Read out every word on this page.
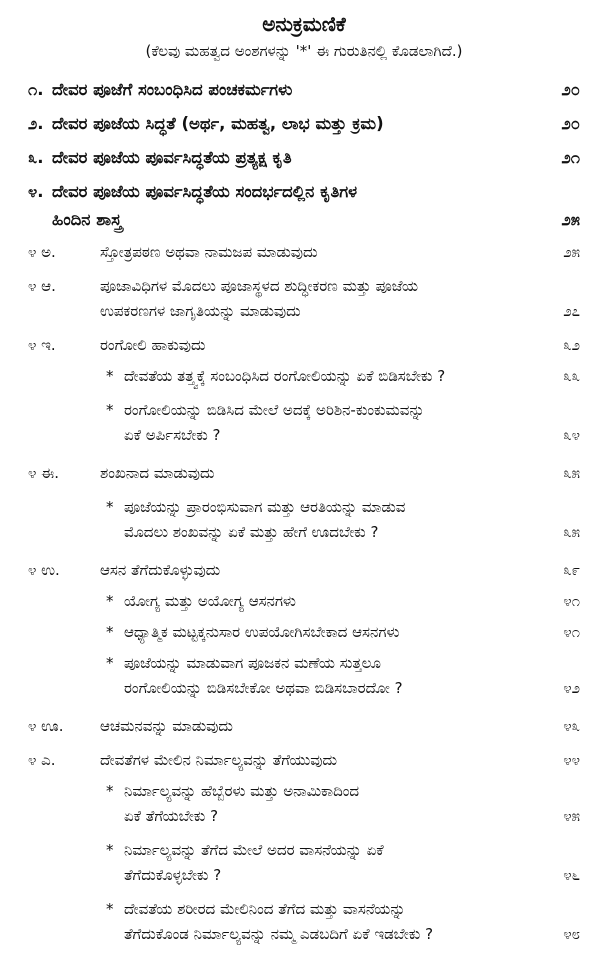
ಅನುಕ್ರಮಣಿಕೆ
(ಕೆಲವು ಮಹತ್ವದ ಅಂಶಗಳನ್ನು '*' ಈ ಗುರುತಿನಲ್ಲಿ ಕೊಡಲಾಗಿದೆ.)
೧. ದೇವರ ಪೂಜೆಗೆ ಸಂಬಂಧಿಸಿದ ಪಂಚಕರ್ಮಗಳು	೨೦
೨. ದೇವರ ಪೂಜೆಯ ಸಿದ್ಧತೆ (ಅರ್ಥ, ಮಹತ್ವ, ಲಾಭ ಮತ್ತು ಕ್ರಮ)	೨೦
೩. ದೇವರ ಪೂಜೆಯ ಪೂರ್ವಸಿದ್ಧತೆಯ ಪ್ರತ್ಯಕ್ಷ ಕೃತಿ	೨೧
೪. ದೇವರ ಪೂಜೆಯ ಪೂರ್ವಸಿದ್ಧತೆಯ ಸಂದರ್ಭದಲ್ಲಿನ ಕೃತಿಗಳ
ಹಿಂದಿನ ಶಾಸ್ತ್ರ	೨೫
೪ ಅ.	ಸ್ತೋತ್ರಪಠಣ ಅಥವಾ ನಾಮಜಪ ಮಾಡುವುದು	೨೫
೪ ಆ.	ಪೂಜಾವಿಧಿಗಳ ಮೊದಲು ಪೂಜಾಸ್ಥಳದ ಶುದ್ಧೀಕರಣ ಮತ್ತು ಪೂಜೆಯ
ಉಪಕರಣಗಳ ಜಾಗೃತಿಯನ್ನು ಮಾಡುವುದು	೨೭
೪ ಇ.	ರಂಗೋಲಿ ಹಾಕುವುದು	೩೨
* ದೇವತೆಯ ತತ್ತ್ವಕ್ಕೆ ಸಂಬಂಧಿಸಿದ ರಂಗೋಲಿಯನ್ನು ಏಕೆ ಬಿಡಿಸಬೇಕು ?	೩೩
* ರಂಗೋಲಿಯನ್ನು ಬಿಡಿಸಿದ ಮೇಲೆ ಅದಕ್ಕೆ ಅರಿಶಿನ-ಕುಂಕುಮವನ್ನು
ಏಕೆ ಅರ್ಪಿಸಬೇಕು ?	೩೪
೪ ಈ.	ಶಂಖನಾದ ಮಾಡುವುದು	೩೫
* ಪೂಜೆಯನ್ನು ಪ್ರಾರಂಭಿಸುವಾಗ ಮತ್ತು ಆರತಿಯನ್ನು ಮಾಡುವ
ಮೊದಲು ಶಂಖವನ್ನು ಏಕೆ ಮತ್ತು ಹೇಗೆ ಊದಬೇಕು ?	೩೫
೪ ಉ.	ಆಸನ ತೆಗೆದುಕೊಳ್ಳುವುದು	೩೯
* ಯೋಗ್ಯ ಮತ್ತು ಅಯೋಗ್ಯ ಆಸನಗಳು	೪೧
* ಆಧ್ಯಾತ್ಮಿಕ ಮಟ್ಟಕ್ಕನುಸಾರ ಉಪಯೋಗಿಸಬೇಕಾದ ಆಸನಗಳು	೪೧
* ಪೂಜೆಯನ್ನು ಮಾಡುವಾಗ ಪೂಜಕನ ಮಣೆಯ ಸುತ್ತಲೂ
ರಂಗೋಲಿಯನ್ನು ಬಿಡಿಸಬೇಕೋ ಅಥವಾ ಬಿಡಿಸಬಾರದೋ ?	೪೨
೪ ಊ.	ಆಚಮನವನ್ನು ಮಾಡುವುದು	೪೩
೪ ಎ.	ದೇವತೆಗಳ ಮೇಲಿನ ನಿರ್ಮಾಲ್ಯವನ್ನು ತೆಗೆಯುವುದು	೪೪
* ನಿರ್ಮಾಲ್ಯವನ್ನು ಹೆಬ್ಬೆರಳು ಮತ್ತು ಅನಾಮಿಕಾದಿಂದ
ಏಕೆ ತೆಗೆಯಬೇಕು ?	೪೫
* ನಿರ್ಮಾಲ್ಯವನ್ನು ತೆಗೆದ ಮೇಲೆ ಅದರ ವಾಸನೆಯನ್ನು ಏಕೆ
ತೆಗೆದುಕೊಳ್ಳಬೇಕು ?	೪೬
* ದೇವತೆಯ ಶರೀರದ ಮೇಲಿನಿಂದ ತೆಗೆದ ಮತ್ತು ವಾಸನೆಯನ್ನು
ತೆಗೆದುಕೊಂಡ ನಿರ್ಮಾಲ್ಯವನ್ನು ನಮ್ಮ ಎಡಬದಿಗೆ ಏಕೆ ಇಡಬೇಕು ?	೪೮
